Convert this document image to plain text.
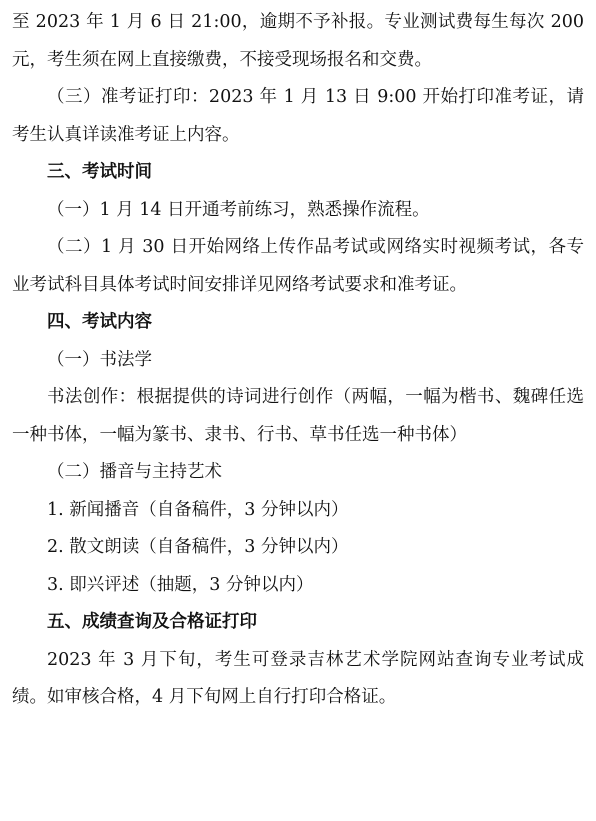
至 2023 年 1 月 6 日 21:00，逾期不予补报。专业测试费每生每次 200 元，考生须在网上直接缴费，不接受现场报名和交费。

（三）准考证打印：2023 年 1 月 13 日 9:00 开始打印准考证，请考生认真详读准考证上内容。

三、考试时间

（一）1 月 14 日开通考前练习，熟悉操作流程。

（二）1 月 30 日开始网络上传作品考试或网络实时视频考试，各专业考试科目具体考试时间安排详见网络考试要求和准考证。

四、考试内容

（一）书法学

书法创作：根据提供的诗词进行创作（两幅，一幅为楷书、魏碑任选一种书体，一幅为篆书、隶书、行书、草书任选一种书体）

（二）播音与主持艺术

1. 新闻播音（自备稿件，3 分钟以内）

2. 散文朗读（自备稿件，3 分钟以内）

3. 即兴评述（抽题，3 分钟以内）

五、成绩查询及合格证打印

2023 年 3 月下旬，考生可登录吉林艺术学院网站查询专业考试成绩。如审核合格，4 月下旬网上自行打印合格证。
